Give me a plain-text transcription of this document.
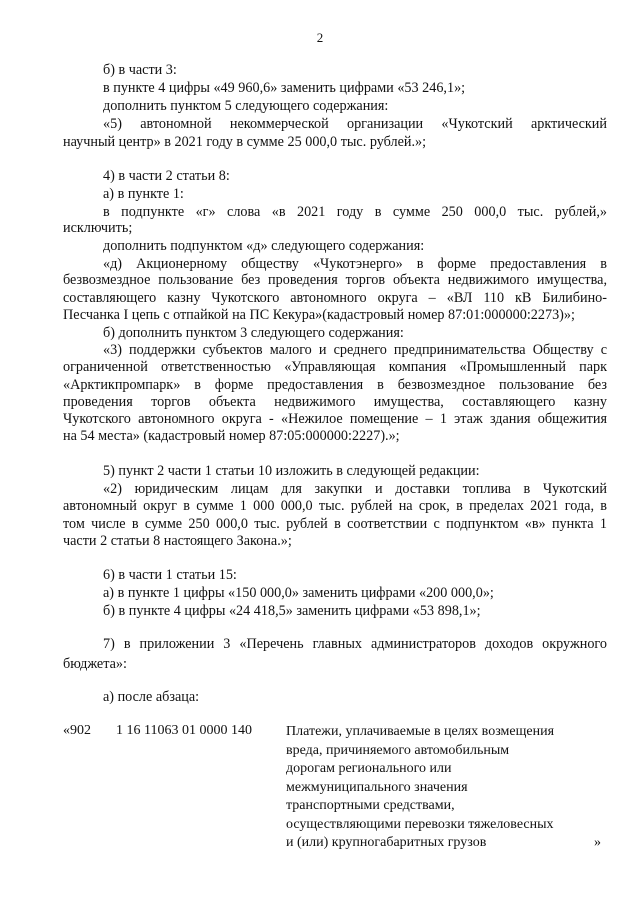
2
б) в части 3:
в пункте 4 цифры «49 960,6» заменить цифрами «53 246,1»;
дополнить пунктом 5 следующего содержания:
«5) автономной некоммерческой организации «Чукотский арктический
научный центр» в 2021 году в сумме 25 000,0 тыс. рублей.»;
4) в части 2 статьи 8:
а) в пункте 1:
в подпункте «г» слова «в 2021 году в сумме 250 000,0 тыс. рублей,»
исключить;
дополнить подпунктом «д» следующего содержания:
«д) Акционерному обществу «Чукотэнерго» в форме предоставления в
безвозмездное пользование без проведения торгов объекта недвижимого имущества,
составляющего казну Чукотского автономного округа – «ВЛ 110 кВ Билибино-
Песчанка I цепь с отпайкой на ПС Кекура»(кадастровый номер 87:01:000000:2273)»;
б) дополнить пунктом 3 следующего содержания:
«3) поддержки субъектов малого и среднего предпринимательства Обществу с
ограниченной ответственностью «Управляющая компания «Промышленный парк
«Арктикпромпарк» в форме предоставления в безвозмездное пользование без
проведения торгов объекта недвижимого имущества, составляющего казну
Чукотского автономного округа - «Нежилое помещение – 1 этаж здания общежития
на 54 места» (кадастровый номер 87:05:000000:2227).»;
5) пункт 2 части 1 статьи 10 изложить в следующей редакции:
«2) юридическим лицам для закупки и доставки топлива в Чукотский
автономный округ в сумме 1 000 000,0 тыс. рублей на срок, в пределах 2021 года, в
том числе в сумме 250 000,0 тыс. рублей в соответствии с подпунктом «в» пункта 1
части 2 статьи 8 настоящего Закона.»;
6) в части 1 статьи 15:
а) в пункте 1 цифры «150 000,0» заменить цифрами «200 000,0»;
б) в пункте 4 цифры «24 418,5» заменить цифрами «53 898,1»;
7) в приложении 3 «Перечень главных администраторов доходов окружного
бюджета»:
а) после абзаца:
«902 1 16 11063 01 0000 140 Платежи, уплачиваемые в целях возмещения
вреда, причиняемого автомобильным
дорогам регионального или
межмуниципального значения
транспортными средствами,
осуществляющими перевозки тяжеловесных
и (или) крупногабаритных грузов	»
